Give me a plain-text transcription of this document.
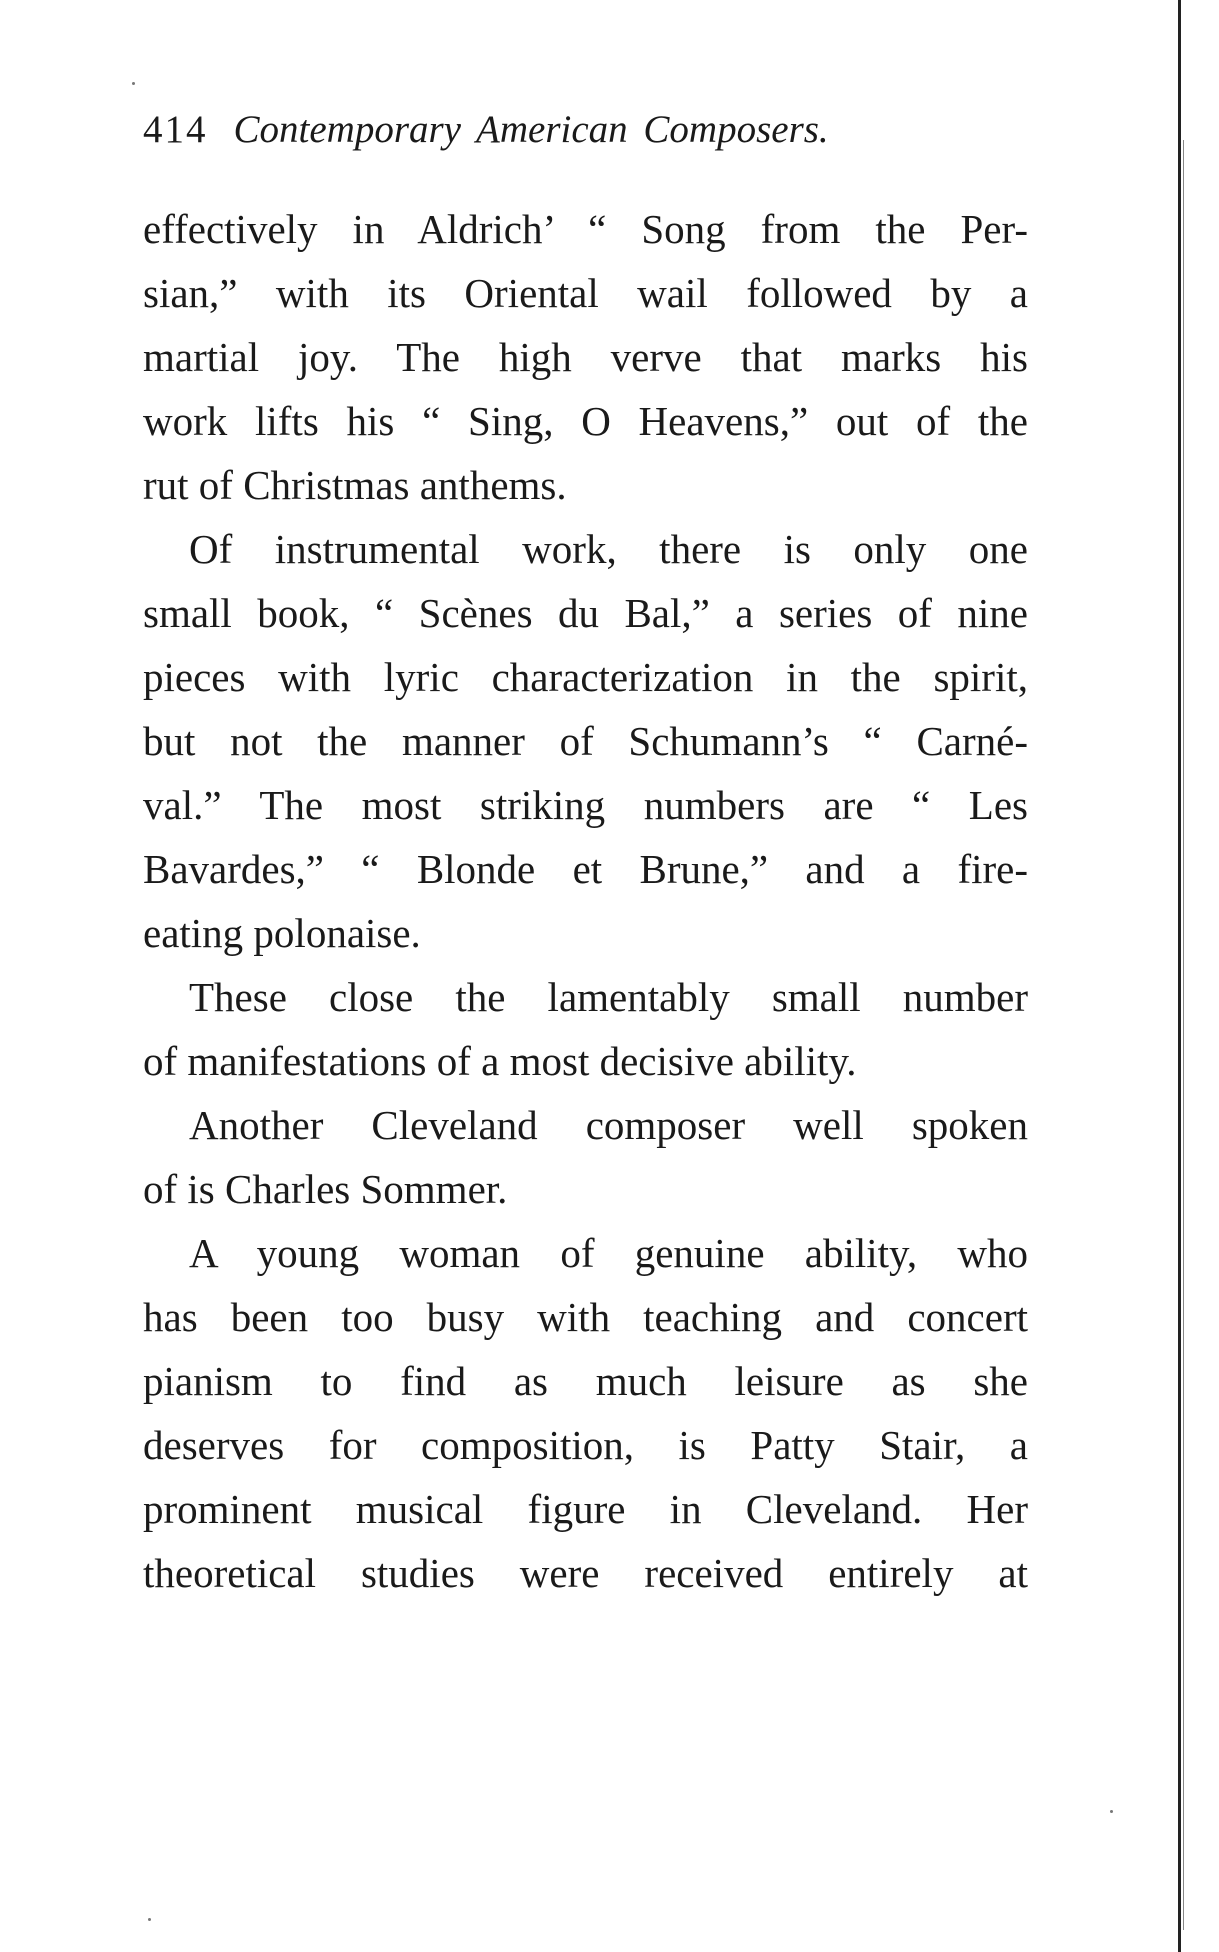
414 Contemporary American Composers.
effectively in Aldrich’ “ Song from the Per-
sian,” with its Oriental wail followed by a
martial joy. The high verve that marks his
work lifts his “ Sing, O Heavens,” out of the
rut of Christmas anthems.
Of instrumental work, there is only one
small book, “ Scènes du Bal,” a series of nine
pieces with lyric characterization in the spirit,
but not the manner of Schumann’s “ Carné-
val.” The most striking numbers are “ Les
Bavardes,” “ Blonde et Brune,” and a fire-
eating polonaise.
These close the lamentably small number
of manifestations of a most decisive ability.
Another Cleveland composer well spoken
of is Charles Sommer.
A young woman of genuine ability, who
has been too busy with teaching and concert
pianism to find as much leisure as she
deserves for composition, is Patty Stair, a
prominent musical figure in Cleveland. Her
theoretical studies were received entirely at
